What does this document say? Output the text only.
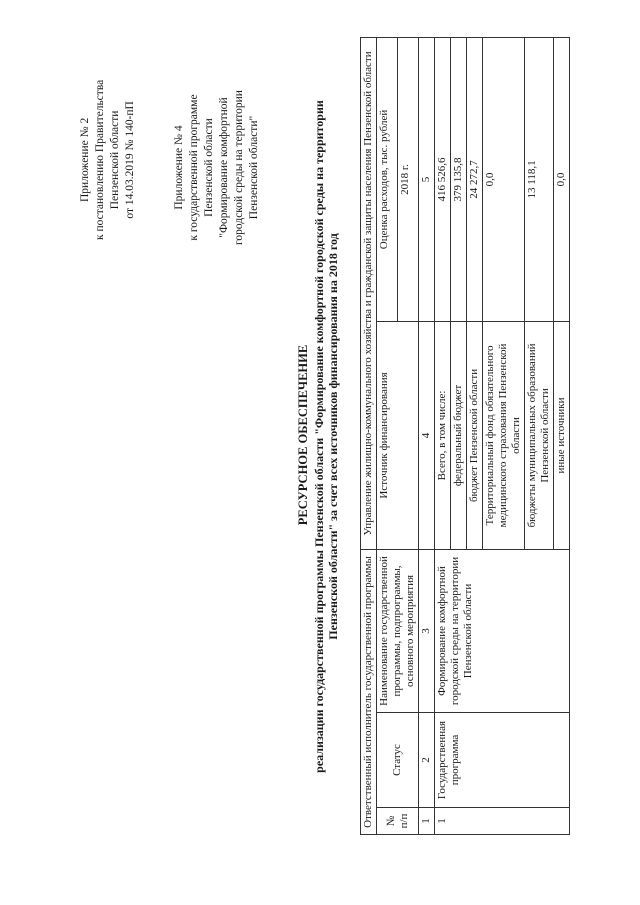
Приложение № 2 к постановлению Правительства Пензенской области от 14.03.2019 № 140-пП	Приложение № 4 к государственной программе Пензенской области "Формирование комфортной городской среды на территории Пензенской области"
РЕСУРСНОЕ ОБЕСПЕЧЕНИЕ реализации государственной программы Пензенской области "Формирование комфортной городской среды на территории Пензенской области" за счет всех источников финансирования на 2018 год
Ответственный исполнитель государственной программы			Управление жилищно-коммунального хозяйства и гражданской защиты населения Пензенской области	
№ п/п	Статус	Наименование государственной программы, подпрограммы, основного мероприятия	Источник финансирования	Оценка расходов, тыс. рублей
				2018 г.
1	2	3	4	5
1	Государственная программа	Формирование комфортной городской среды на территории Пензенской области	Всего, в том числе:	416 526,6
			федеральный бюджет	379 135,8
			бюджет Пензенской области	24 272,7
			Территориальный фонд обязательного медицинского страхования Пензенской области	0,0
			бюджеты муниципальных образований Пензенской области	13 118,1
			иные источники	0,0
